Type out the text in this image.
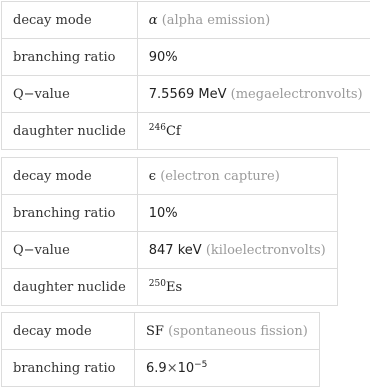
decay mode	α (alpha emission)
branching ratio	90%
Q−value	7.5569 MeV (megaelectronvolts)
daughter nuclide	$^{246}$Cf
decay mode	ϵ (electron capture)
branching ratio	10%
Q−value	847 keV (kiloelectronvolts)
daughter nuclide	$^{250}$Es
decay mode	SF (spontaneous fission)
branching ratio	$6.9\times 10^{-5}$
